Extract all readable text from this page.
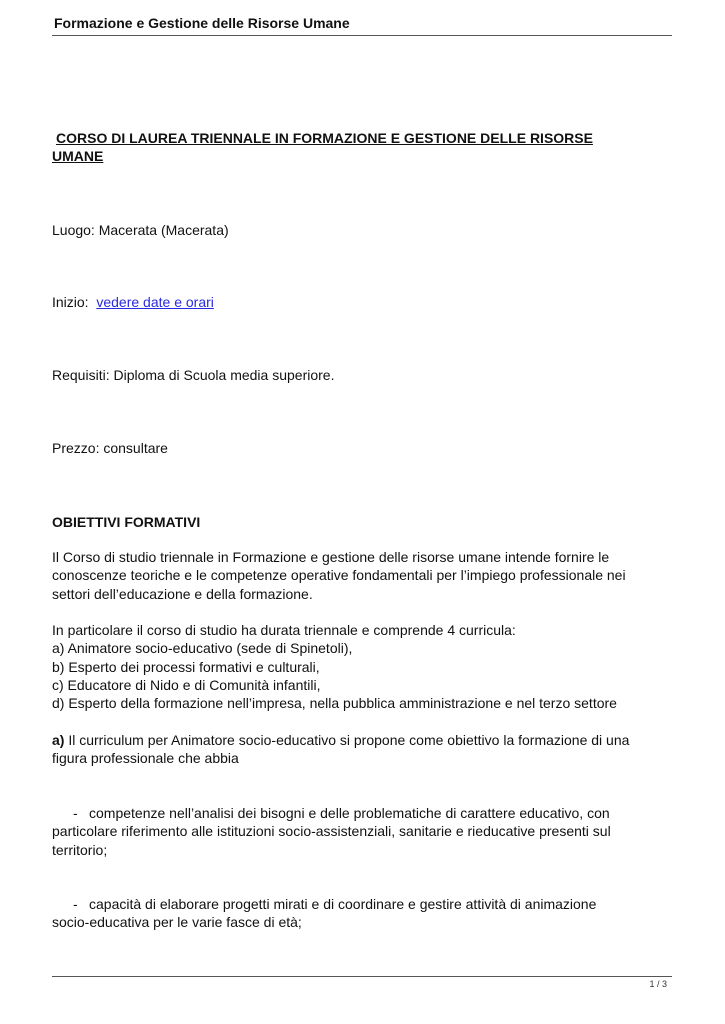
Formazione e Gestione delle Risorse Umane
CORSO DI LAUREA TRIENNALE IN FORMAZIONE E GESTIONE DELLE RISORSE
UMANE
Luogo: Macerata (Macerata)
Inizio: vedere date e orari
Requisiti: Diploma di Scuola media superiore.
Prezzo: consultare
OBIETTIVI FORMATIVI
Il Corso di studio triennale in Formazione e gestione delle risorse umane intende fornire le
conoscenze teoriche e le competenze operative fondamentali per l’impiego professionale nei
settori dell’educazione e della formazione.
In particolare il corso di studio ha durata triennale e comprende 4 curricula:
a) Animatore socio-educativo (sede di Spinetoli),
b) Esperto dei processi formativi e culturali,
c) Educatore di Nido e di Comunità infantili,
d) Esperto della formazione nell’impresa, nella pubblica amministrazione e nel terzo settore
a) Il curriculum per Animatore socio-educativo si propone come obiettivo la formazione di una
figura professionale che abbia
- competenze nell’analisi dei bisogni e delle problematiche di carattere educativo, con
particolare riferimento alle istituzioni socio-assistenziali, sanitarie e rieducative presenti sul
territorio;
- capacità di elaborare progetti mirati e di coordinare e gestire attività di animazione
socio-educativa per le varie fasce di età;
1 / 3
